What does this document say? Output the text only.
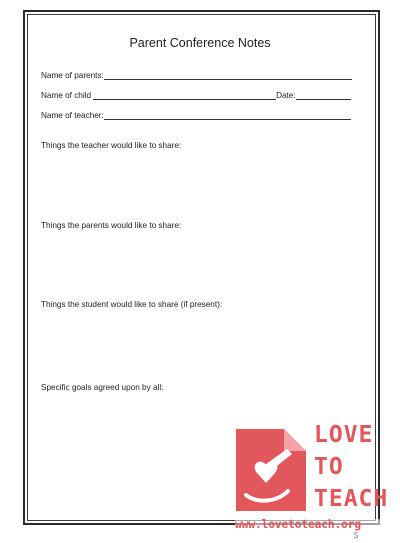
Parent Conference Notes
Name of parents:
Name of child	Date:
Name of teacher:
Things the teacher would like to share:
Things the parents would like to share:
Things the student would like to share (if present):
Specific goals agreed upon by all:
5
LOVE
TO
TEACH
www.lovetoteach.org
